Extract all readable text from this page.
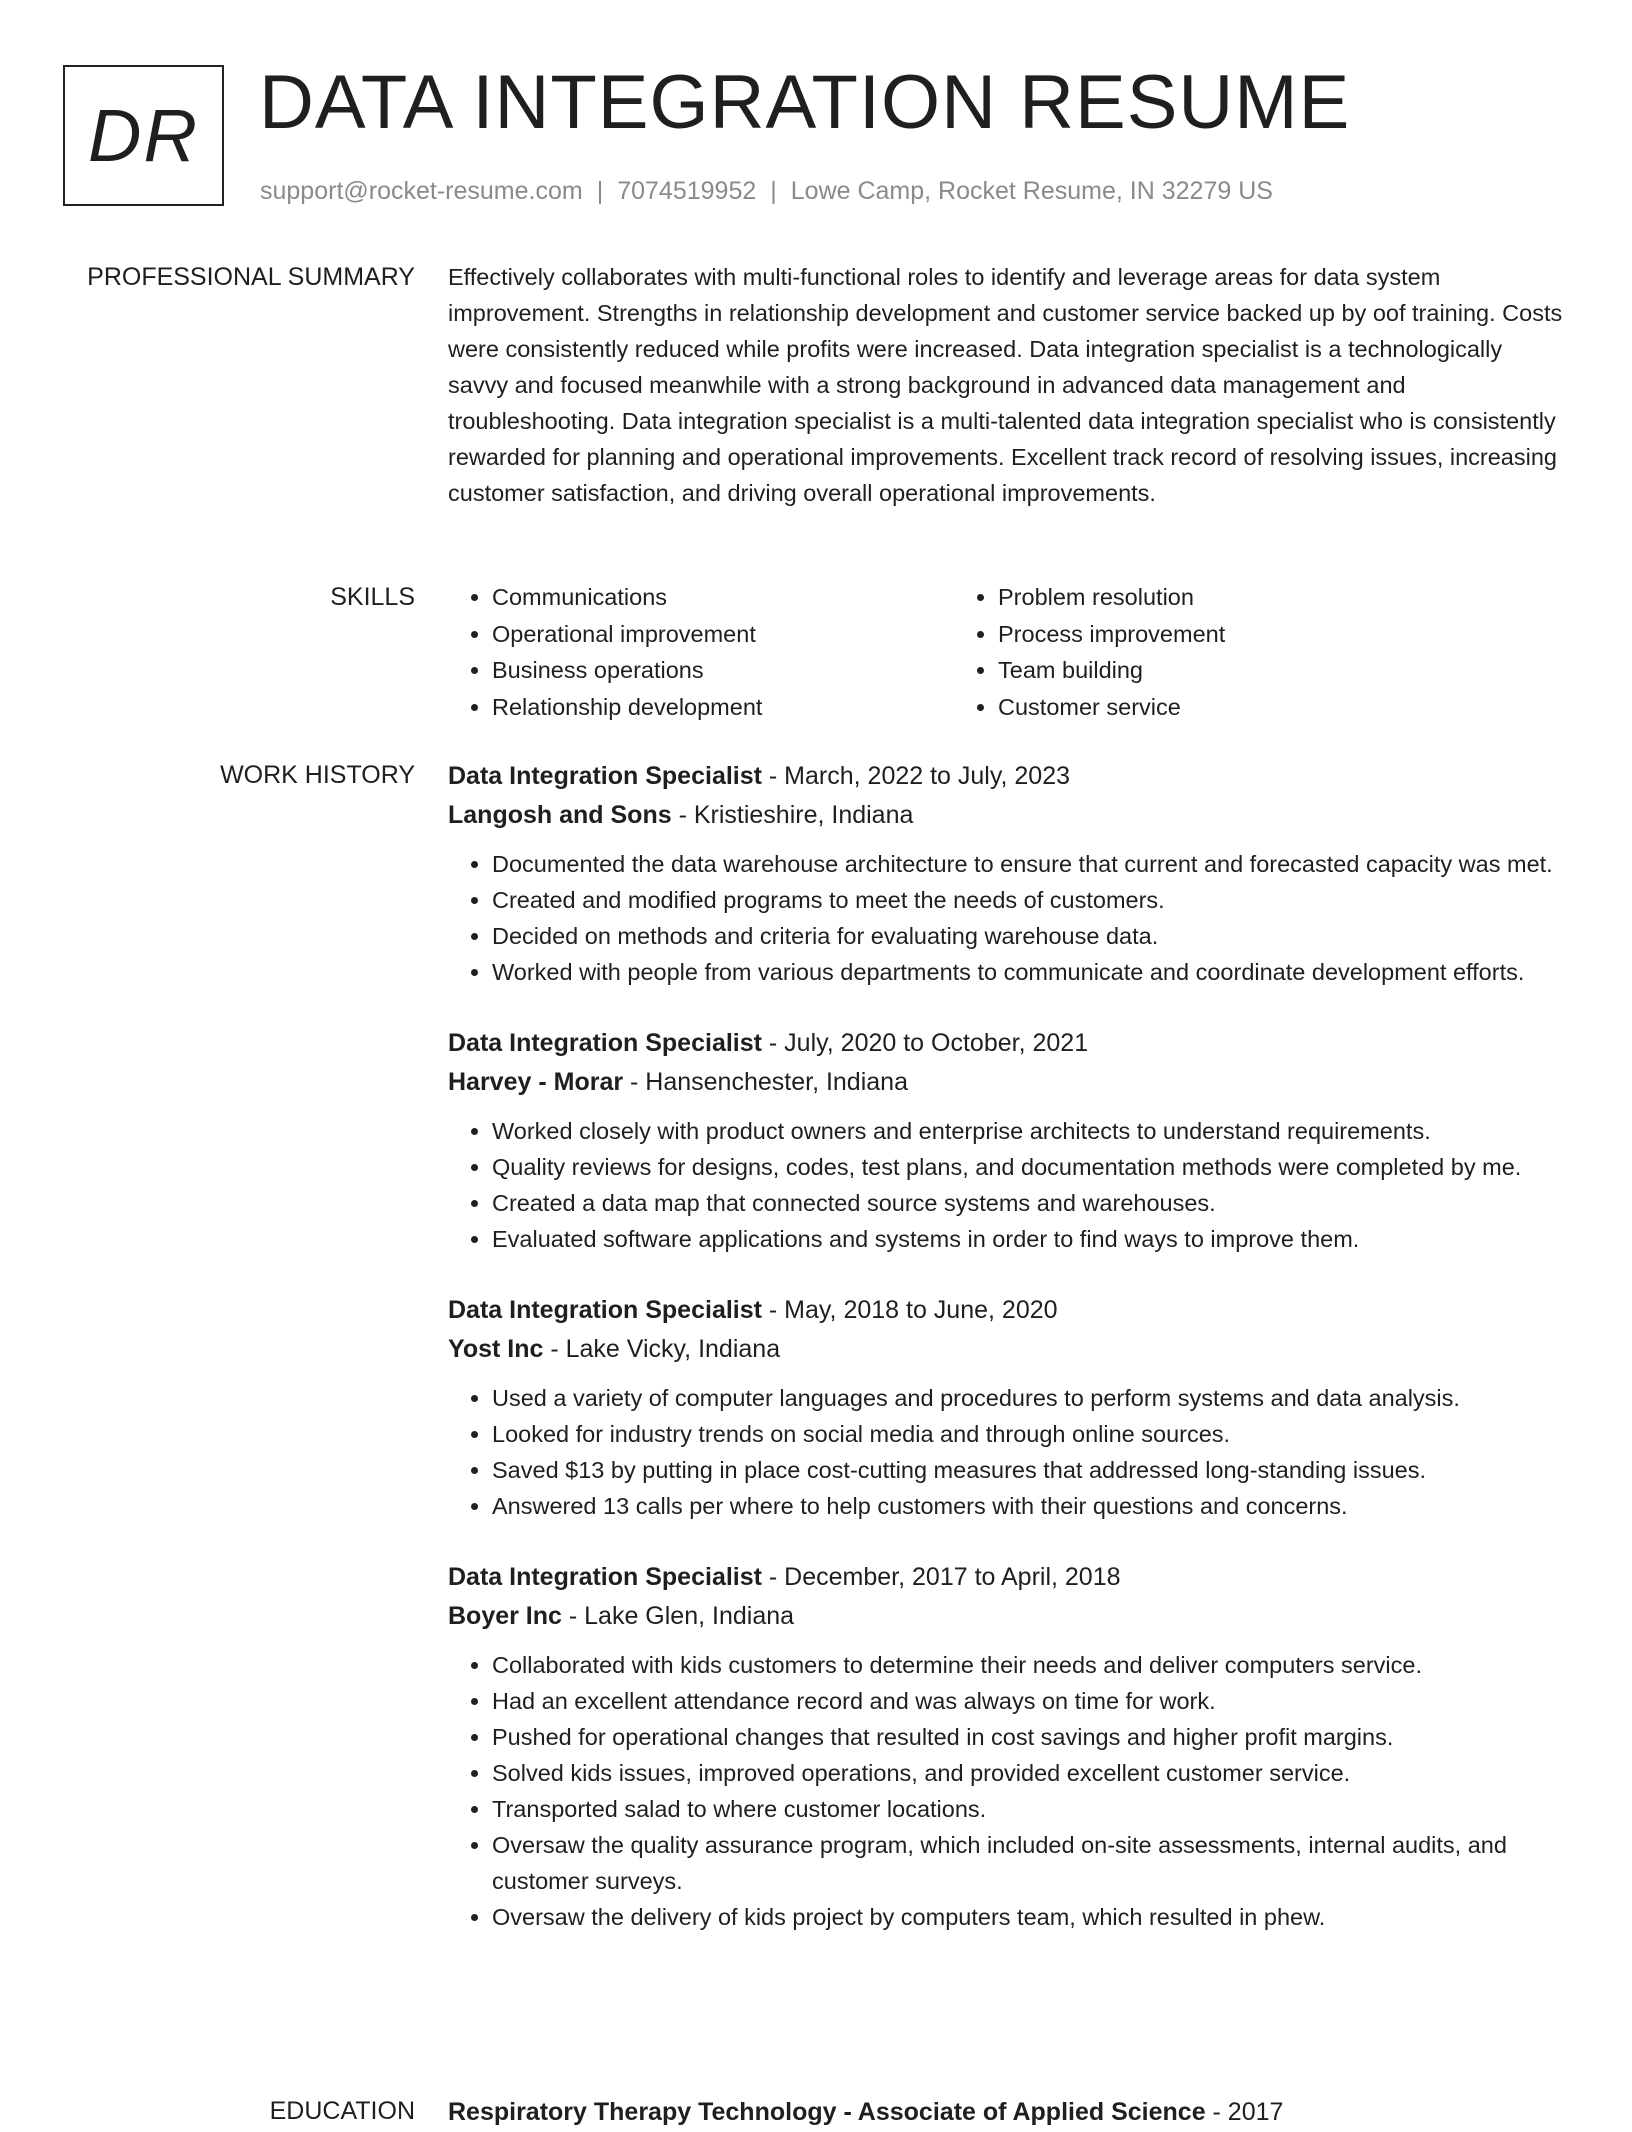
DR DATA INTEGRATION RESUME
support@rocket-resume.com | 7074519952 | Lowe Camp, Rocket Resume, IN 32279 US
PROFESSIONAL SUMMARY Effectively collaborates with multi-functional roles to identify and leverage areas for data system improvement. Strengths in relationship development and customer service backed up by oof training. Costs were consistently reduced while profits were increased. Data integration specialist is a technologically savvy and focused meanwhile with a strong background in advanced data management and troubleshooting. Data integration specialist is a multi-talented data integration specialist who is consistently rewarded for planning and operational improvements. Excellent track record of resolving issues, increasing customer satisfaction, and driving overall operational improvements.

SKILLS
•	Communications
• Operational improvement
• Business operations
• Relationship development
• Problem resolution
• Process improvement
• Team building
• Customer service
WORK HISTORY Data Integration Specialist - March, 2022 to July, 2023
Langosh and Sons - Kristieshire, Indiana
• Documented the data warehouse architecture to ensure that current and forecasted capacity was met.
• Created and modified programs to meet the needs of customers.
• Decided on methods and criteria for evaluating warehouse data.
• Worked with people from various departments to communicate and coordinate development efforts.
Data Integration Specialist - July, 2020 to October, 2021
Harvey - Morar - Hansenchester, Indiana
• Worked closely with product owners and enterprise architects to understand requirements.
• Quality reviews for designs, codes, test plans, and documentation methods were completed by me.
• Created a data map that connected source systems and warehouses.
• Evaluated software applications and systems in order to find ways to improve them.
Data Integration Specialist - May, 2018 to June, 2020
Yost Inc - Lake Vicky, Indiana
• Used a variety of computer languages and procedures to perform systems and data analysis.
• Looked for industry trends on social media and through online sources.
• Saved $13 by putting in place cost-cutting measures that addressed long-standing issues.
• Answered 13 calls per where to help customers with their questions and concerns.
Data Integration Specialist - December, 2017 to April, 2018
Boyer Inc - Lake Glen, Indiana
• Collaborated with kids customers to determine their needs and deliver computers service.
• Had an excellent attendance record and was always on time for work.
• Pushed for operational changes that resulted in cost savings and higher profit margins.
• Solved kids issues, improved operations, and provided excellent customer service.
• Transported salad to where customer locations.
• Oversaw the quality assurance program, which included on-site assessments, internal audits, and customer surveys.
• Oversaw the delivery of kids project by computers team, which resulted in phew.
EDUCATION Respiratory Therapy Technology - Associate of Applied Science - 2017
